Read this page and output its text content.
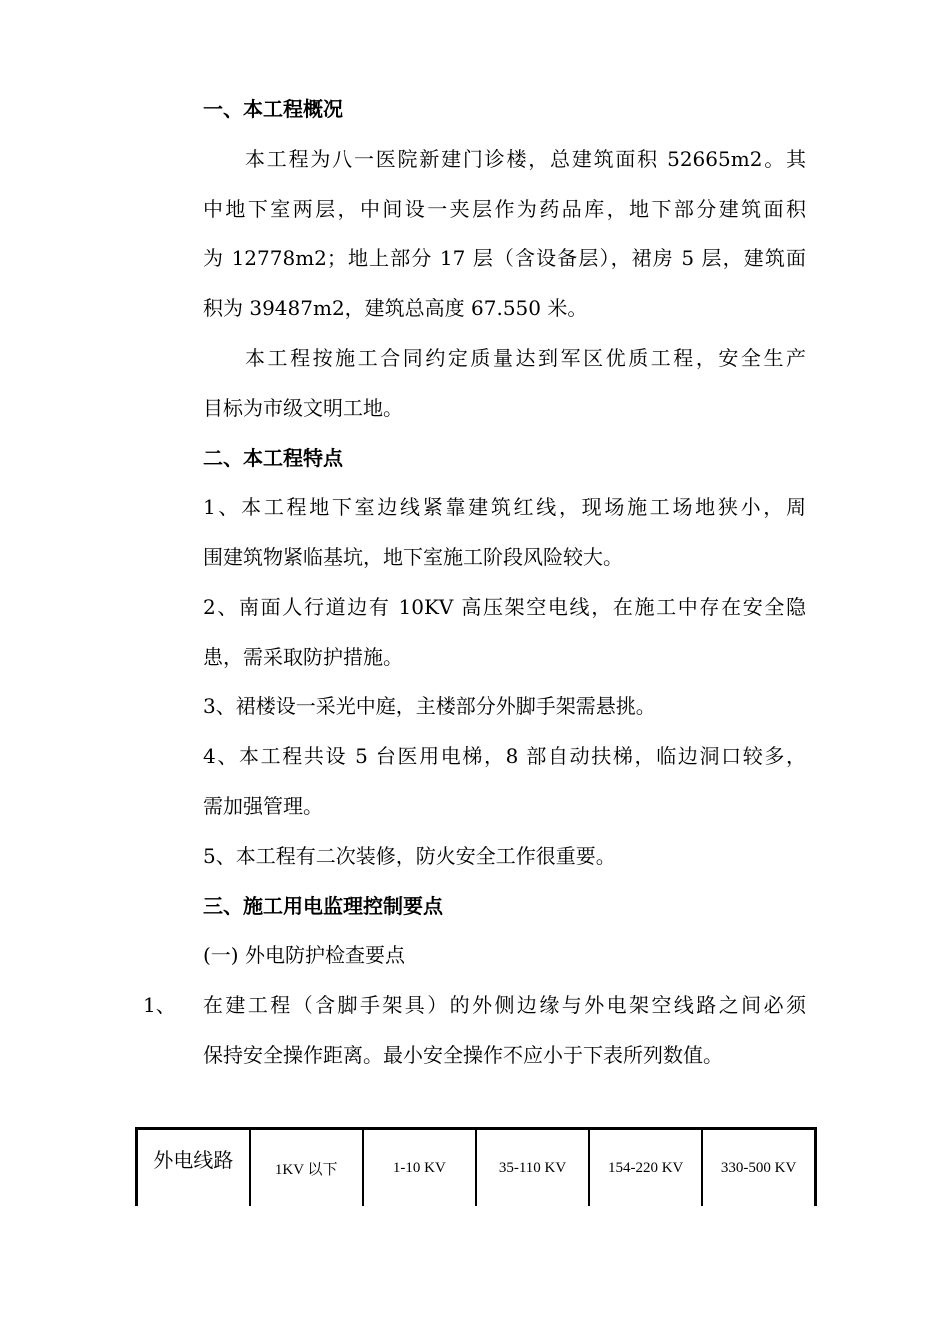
一、本工程概况
本工程为八一医院新建门诊楼，总建筑面积 52665m2。其
中地下室两层，中间设一夹层作为药品库，地下部分建筑面积
为 12778m2；地上部分 17 层（含设备层），裙房 5 层，建筑面
积为 39487m2，建筑总高度 67.550 米。
本工程按施工合同约定质量达到军区优质工程，安全生产
目标为市级文明工地。
二、本工程特点
1、本工程地下室边线紧靠建筑红线，现场施工场地狭小，周
围建筑物紧临基坑，地下室施工阶段风险较大。
2、南面人行道边有 10KV 高压架空电线，在施工中存在安全隐
患，需采取防护措施。
3、裙楼设一采光中庭，主楼部分外脚手架需悬挑。
4、本工程共设 5 台医用电梯，8 部自动扶梯，临边洞口较多，
需加强管理。
5、本工程有二次装修，防火安全工作很重要。
三、施工用电监理控制要点
(一) 外电防护检查要点
1、 在建工程（含脚手架具）的外侧边缘与外电架空线路之间必须
保持安全操作距离。最小安全操作不应小于下表所列数值。
外电线路	1KV 以下	1-10 KV	35-110 KV	154-220 KV	330-500 KV
